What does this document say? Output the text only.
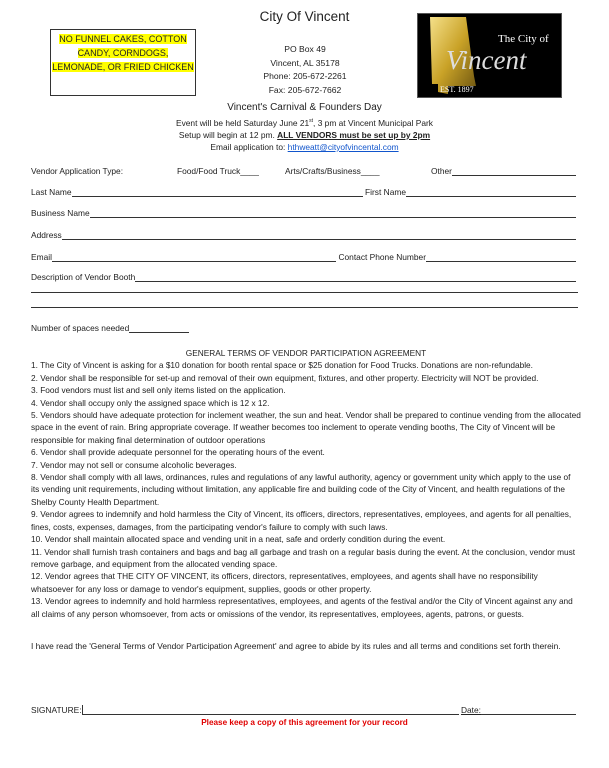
NO FUNNEL CAKES, COTTON CANDY, CORNDOGS, LEMONADE, OR FRIED CHICKEN
City Of Vincent
PO Box 49
Vincent, AL 35178
Phone: 205-672-2261
Fax: 205-672-7662
The City of
Vincent
EST. 1897
Vincent's Carnival & Founders Day
Event will be held Saturday June 21st, 3 pm at Vincent Municipal Park
Setup will begin at 12 pm. ALL VENDORS must be set up by 2pm
Email application to: hthweatt@cityofvincental.com
Vendor Application Type:	Food/Food Truck____	Arts/Crafts/Business____	Other
Last Name	First Name
Business Name
Address
Email	Contact Phone Number
Description of Vendor Booth
Number of spaces needed
GENERAL TERMS OF VENDOR PARTICIPATION AGREEMENT
1. The City of Vincent is asking for a $10 donation for booth rental space or $25 donation for Food Trucks. Donations are non-refundable.
2. Vendor shall be responsible for set-up and removal of their own equipment, fixtures, and other property. Electricity will NOT be provided.
3. Food vendors must list and sell only items listed on the application.
4. Vendor shall occupy only the assigned space which is 12 x 12.
5. Vendors should have adequate protection for inclement weather, the sun and heat. Vendor shall be prepared to continue vending from the allocated space in the event of rain. Bring appropriate coverage. If weather becomes too inclement to operate vending booths, The City of Vincent will be responsible for making final determination of outdoor operations
6. Vendor shall provide adequate personnel for the operating hours of the event.
7. Vendor may not sell or consume alcoholic beverages.
8. Vendor shall comply with all laws, ordinances, rules and regulations of any lawful authority, agency or government unity which apply to the use of its vending unit requirements, including without limitation, any applicable fire and building code of the City of Vincent, and health regulations of the Shelby County Health Department.
9. Vendor agrees to indemnify and hold harmless the City of Vincent, its officers, directors, representatives, employees, and agents for all penalties, fines, costs, expenses, damages, from the participating vendor's failure to comply with such laws.
10. Vendor shall maintain allocated space and vending unit in a neat, safe and orderly condition during the event.
11. Vendor shall furnish trash containers and bags and bag all garbage and trash on a regular basis during the event. At the conclusion, vendor must remove garbage, and equipment from the allocated vending space.
12. Vendor agrees that THE CITY OF VINCENT, its officers, directors, representatives, employees, and agents shall have no responsibility whatsoever for any loss or damage to vendor's equipment, supplies, goods or other property.
13. Vendor agrees to indemnify and hold harmless representatives, employees, and agents of the festival and/or the City of Vincent against any and all claims of any person whomsoever, from acts or omissions of the vendor, its representatives, employees, agents, patrons, or guests.
I have read the 'General Terms of Vendor Participation Agreement' and agree to abide by its rules and all terms and conditions set forth therein.
SIGNATURE:	Date:
Please keep a copy of this agreement for your record
